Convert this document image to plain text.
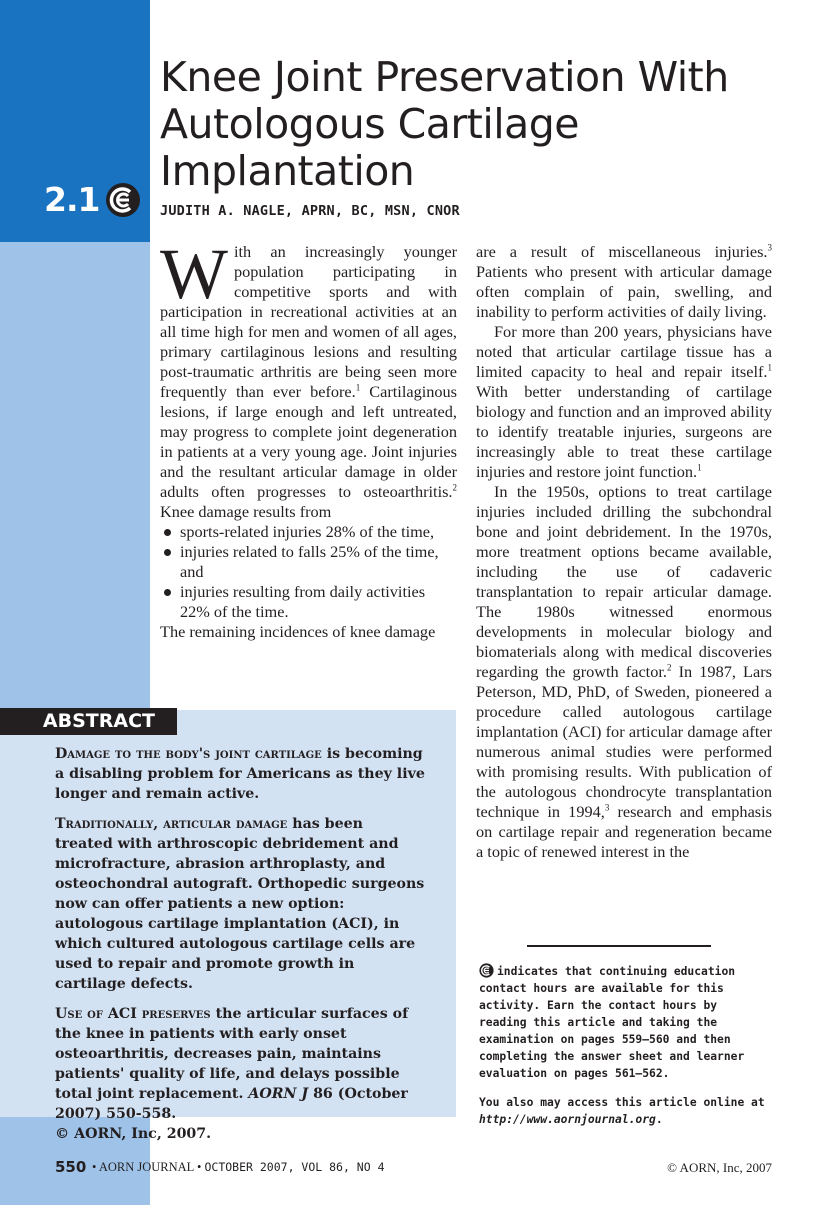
2.1
Knee Joint Preservation With Autologous Cartilage Implantation
JUDITH A. NAGLE, APRN, BC, MSN, CNOR

With an increasingly younger population participating in competitive sports and with participation in recreational activities at an all time high for men and women of all ages, primary cartilaginous lesions and resulting post-traumatic arthritis are being seen more frequently than ever before.$^1$ Cartilaginous lesions, if large enough and left untreated, may progress to complete joint degeneration in patients at a very young age. Joint injuries and the resultant articular damage in older adults often progresses to osteoarthritis.$^2$ Knee damage results from

sports-related injuries 28% of the time,
injuries related to falls 25% of the time, and
injuries resulting from daily activities 22% of the time.

The remaining incidences of knee damage

are a result of miscellaneous injuries.$^3$ Patients who present with articular damage often complain of pain, swelling, and inability to perform activities of daily living.

For more than 200 years, physicians have noted that articular cartilage tissue has a limited capacity to heal and repair itself.$^1$ With better understanding of cartilage biology and function and an improved ability to identify treatable injuries, surgeons are increasingly able to treat these cartilage injuries and restore joint function.$^1$

In the 1950s, options to treat cartilage injuries included drilling the subchondral bone and joint debridement. In the 1970s, more treatment options became available, including the use of cadaveric transplantation to repair articular damage. The 1980s witnessed enormous developments in molecular biology and biomaterials along with medical discoveries regarding the growth factor.$^2$ In 1987, Lars Peterson, MD, PhD, of Sweden, pioneered a procedure called autologous cartilage implantation (ACI) for articular damage after numerous animal studies were performed with promising results. With publication of the autologous chondrocyte transplantation technique in 1994,$^3$ research and emphasis on cartilage repair and regeneration became a topic of renewed interest in the

ABSTRACT

Damage to the body's joint cartilage is becoming a disabling problem for Americans as they live longer and remain active.

Traditionally, articular damage has been treated with arthroscopic debridement and microfracture, abrasion arthroplasty, and osteochondral autograft. Orthopedic surgeons now can offer patients a new option: autologous cartilage implantation (ACI), in which cultured autologous cartilage cells are used to repair and promote growth in cartilage defects.

Use of ACI preserves the articular surfaces of the knee in patients with early onset osteoarthritis, decreases pain, maintains patients' quality of life, and delays possible total joint replacement. AORN J 86 (October 2007) 550-558.
© AORN, Inc, 2007.

indicates that continuing education contact hours are available for this activity. Earn the contact hours by reading this article and taking the examination on pages 559–560 and then completing the answer sheet and learner evaluation on pages 561–562.

You also may access this article online at
http://www.aornjournal.org.

550 • AORN JOURNAL • OCTOBER 2007, VOL 86, NO 4	© AORN, Inc, 2007
